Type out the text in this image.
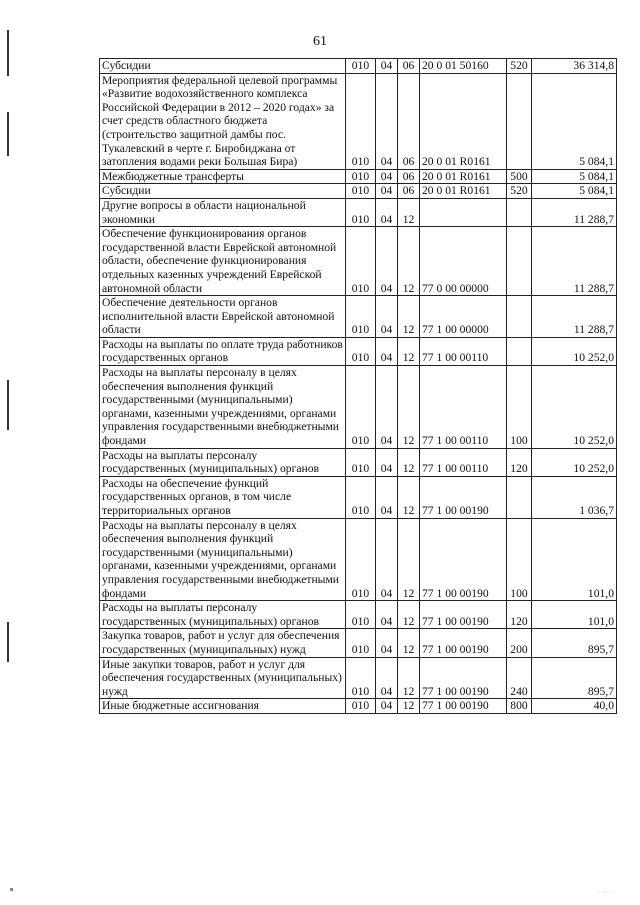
61
Субсидии	010	04	06	20 0 01 50160	520	36 314,8
Мероприятия федеральной целевой программы «Развитие водохозяйственного комплекса Российской Федерации в 2012 – 2020 годах» за счет средств областного бюджета (строительство защитной дамбы пос. Тукалевский в черте г. Биробиджана от затопления водами реки Большая Бира)	010	04	06	20 0 01 R0161		5 084,1
Межбюджетные трансферты	010	04	06	20 0 01 R0161	500	5 084,1
Субсидии	010	04	06	20 0 01 R0161	520	5 084,1
Другие вопросы в области национальной экономики	010	04	12			11 288,7
Обеспечение функционирования органов государственной власти Еврейской автономной области, обеспечение функционирования отдельных казенных учреждений Еврейской автономной области	010	04	12	77 0 00 00000		11 288,7
Обеспечение деятельности органов исполнительной власти Еврейской автономной области	010	04	12	77 1 00 00000		11 288,7
Расходы на выплаты по оплате труда работников государственных органов	010	04	12	77 1 00 00110		10 252,0
Расходы на выплаты персоналу в целях обеспечения выполнения функций государственными (муниципальными) органами, казенными учреждениями, органами управления государственными внебюджетными фондами	010	04	12	77 1 00 00110	100	10 252,0
Расходы на выплаты персоналу государственных (муниципальных) органов	010	04	12	77 1 00 00110	120	10 252,0
Расходы на обеспечение функций государственных органов, в том числе территориальных органов	010	04	12	77 1 00 00190		1 036,7
Расходы на выплаты персоналу в целях обеспечения выполнения функций государственными (муниципальными) органами, казенными учреждениями, органами управления государственными внебюджетными фондами	010	04	12	77 1 00 00190	100	101,0
Расходы на выплаты персоналу государственных (муниципальных) органов	010	04	12	77 1 00 00190	120	101,0
Закупка товаров, работ и услуг для обеспечения государственных (муниципальных) нужд	010	04	12	77 1 00 00190	200	895,7
Иные закупки товаров, работ и услуг для обеспечения государственных (муниципальных) нужд	010	04	12	77 1 00 00190	240	895,7
Иные бюджетные ассигнования	010	04	12	77 1 00 00190	800	40,0
·····
